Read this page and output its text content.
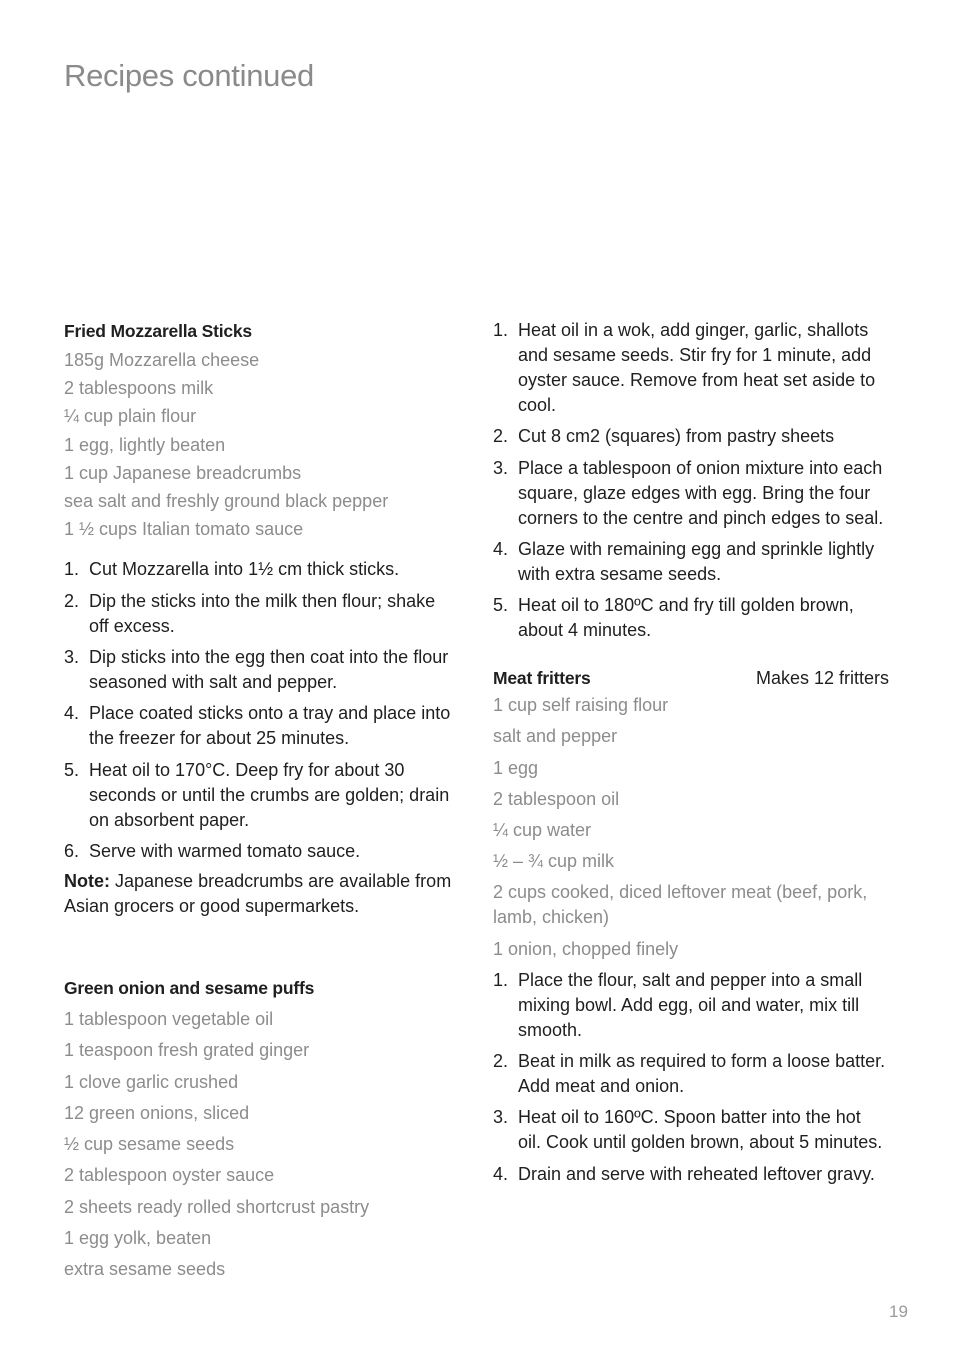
Recipes continued
Fried Mozzarella Sticks
185g Mozzarella cheese
2 tablespoons milk
¼ cup plain flour
1 egg, lightly beaten
1 cup Japanese breadcrumbs
sea salt and freshly ground black pepper
1 ½ cups Italian tomato sauce
1. Cut Mozzarella into 1½ cm thick sticks.
2. Dip the sticks into the milk then flour; shake off excess.
3. Dip sticks into the egg then coat into the flour seasoned with salt and pepper.
4. Place coated sticks onto a tray and place into the freezer for about 25 minutes.
5. Heat oil to 170°C. Deep fry for about 30 seconds or until the crumbs are golden; drain on absorbent paper.
6. Serve with warmed tomato sauce.

Note: Japanese breadcrumbs are available from Asian grocers or good supermarkets.

Green onion and sesame puffs
1 tablespoon vegetable oil
1 teaspoon fresh grated ginger
1 clove garlic crushed
12 green onions, sliced
½ cup sesame seeds
2 tablespoon oyster sauce
2 sheets ready rolled shortcrust pastry
1 egg yolk, beaten
extra sesame seeds
1. Heat oil in a wok, add ginger, garlic, shallots and sesame seeds. Stir fry for 1 minute, add oyster sauce. Remove from heat set aside to cool.
2. Cut 8 cm2 (squares) from pastry sheets
3. Place a tablespoon of onion mixture into each square, glaze edges with egg. Bring the four corners to the centre and pinch edges to seal.
4. Glaze with remaining egg and sprinkle lightly with extra sesame seeds.
5. Heat oil to 180ºC and fry till golden brown, about 4 minutes.
Meat fritters	Makes 12 fritters
1 cup self raising flour
salt and pepper
1 egg
2 tablespoon oil
¼ cup water
½ – ¾ cup milk
2 cups cooked, diced leftover meat (beef, pork, lamb, chicken)
1 onion, chopped finely
1. Place the flour, salt and pepper into a small mixing bowl. Add egg, oil and water, mix till smooth.
2. Beat in milk as required to form a loose batter. Add meat and onion.
3. Heat oil to 160ºC. Spoon batter into the hot oil. Cook until golden brown, about 5 minutes.
4. Drain and serve with reheated leftover gravy.
19
